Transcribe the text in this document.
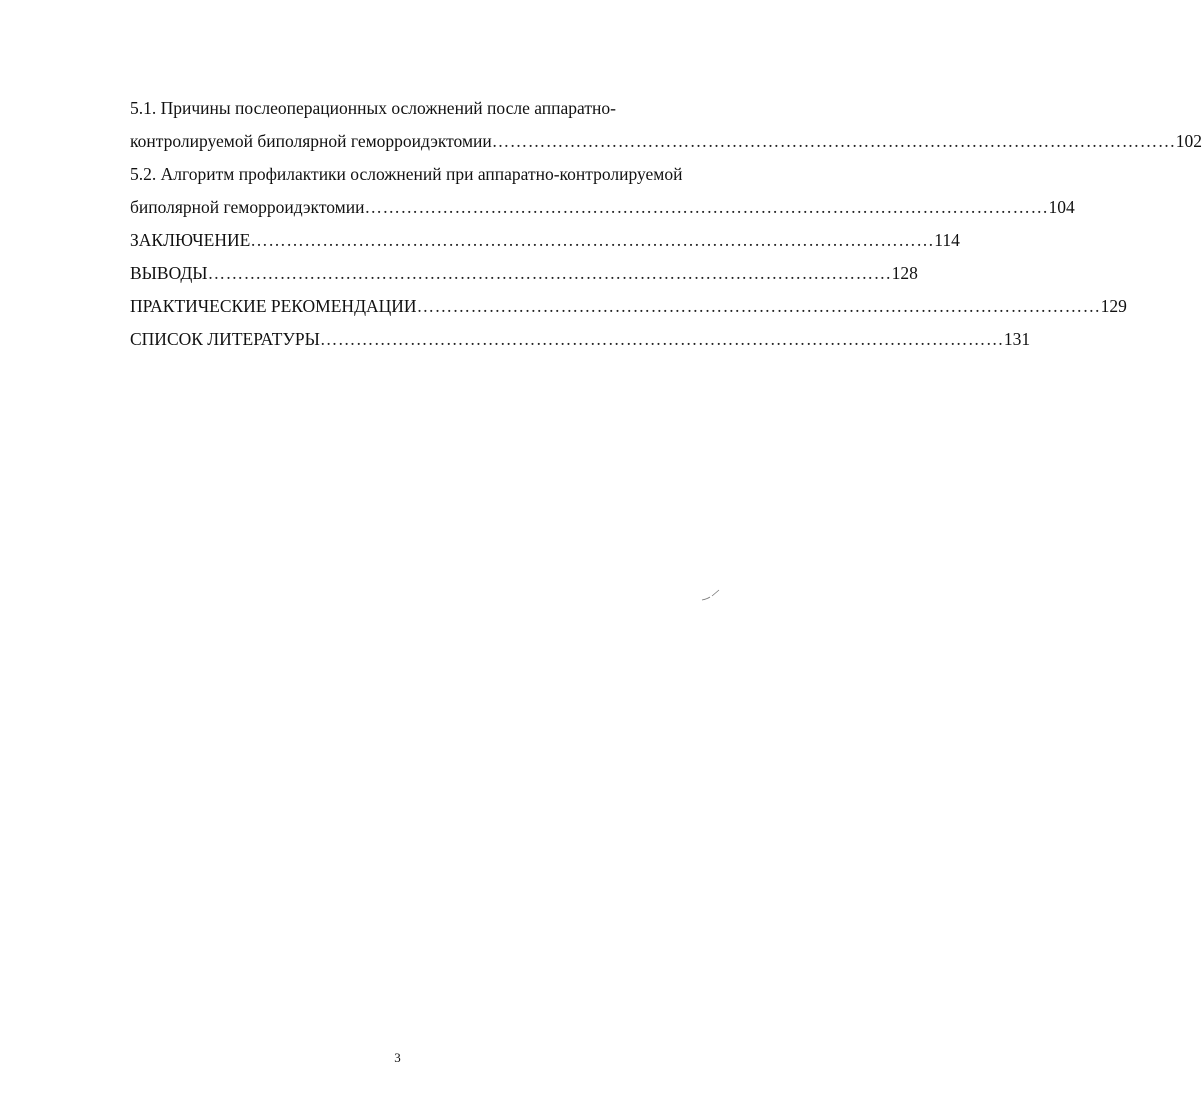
5.1. Причины послеоперационных осложнений после аппаратно-
контролируемой биполярной геморроидэктомии …………………………………………………………………………………………………… 102
5.2. Алгоритм профилактики осложнений при аппаратно-контролируемой
биполярной геморроидэктомии …………………………………………………………………………………………………… 104
ЗАКЛЮЧЕНИЕ …………………………………………………………………………………………………… 114
ВЫВОДЫ …………………………………………………………………………………………………… 128
ПРАКТИЧЕСКИЕ РЕКОМЕНДАЦИИ …………………………………………………………………………………………………… 129
СПИСОК ЛИТЕРАТУРЫ …………………………………………………………………………………………………… 131
3
